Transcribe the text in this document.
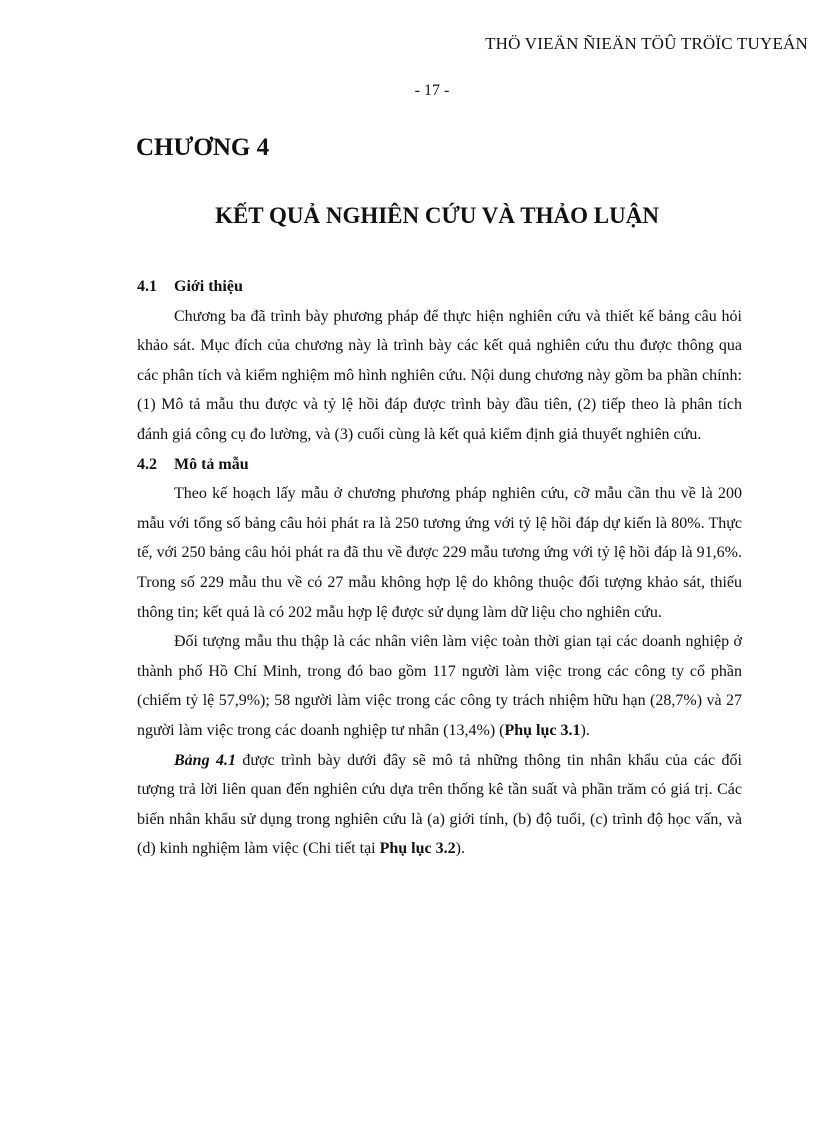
THÖ VIEÄN ÑIEÄN TÖÛ TRÖÏC TUYEÁN
- 17 -
CHƯƠNG 4
KẾT QUẢ NGHIÊN CỨU VÀ THẢO LUẬN
4.1 Giới thiệu

Chương ba đã trình bày phương pháp để thực hiện nghiên cứu và thiết kế bảng câu hỏi khảo sát. Mục đích của chương này là trình bày các kết quả nghiên cứu thu được thông qua các phân tích và kiểm nghiệm mô hình nghiên cứu. Nội dung chương này gồm ba phần chính: (1) Mô tả mẫu thu được và tỷ lệ hồi đáp được trình bày đầu tiên, (2) tiếp theo là phân tích đánh giá công cụ đo lường, và (3) cuối cùng là kết quả kiểm định giả thuyết nghiên cứu.

4.2 Mô tả mẫu

Theo kế hoạch lấy mẫu ở chương phương pháp nghiên cứu, cỡ mẫu cần thu về là 200 mẫu với tổng số bảng câu hỏi phát ra là 250 tương ứng với tỷ lệ hồi đáp dự kiến là 80%. Thực tế, với 250 bảng câu hỏi phát ra đã thu về được 229 mẫu tương ứng với tỷ lệ hồi đáp là 91,6%. Trong số 229 mẫu thu về có 27 mẫu không hợp lệ do không thuộc đối tượng khảo sát, thiếu thông tin; kết quả là có 202 mẫu hợp lệ được sử dụng làm dữ liệu cho nghiên cứu.

Đối tượng mẫu thu thập là các nhân viên làm việc toàn thời gian tại các doanh nghiệp ở thành phố Hồ Chí Minh, trong đó bao gồm 117 người làm việc trong các công ty cổ phần (chiếm tỷ lệ 57,9%); 58 người làm việc trong các công ty trách nhiệm hữu hạn (28,7%) và 27 người làm việc trong các doanh nghiệp tư nhân (13,4%) (Phụ lục 3.1).

Bảng 4.1 được trình bày dưới đây sẽ mô tả những thông tin nhân khẩu của các đối tượng trả lời liên quan đến nghiên cứu dựa trên thống kê tần suất và phần trăm có giá trị. Các biến nhân khẩu sử dụng trong nghiên cứu là (a) giới tính, (b) độ tuổi, (c) trình độ học vấn, và (d) kinh nghiệm làm việc (Chi tiết tại Phụ lục 3.2).
